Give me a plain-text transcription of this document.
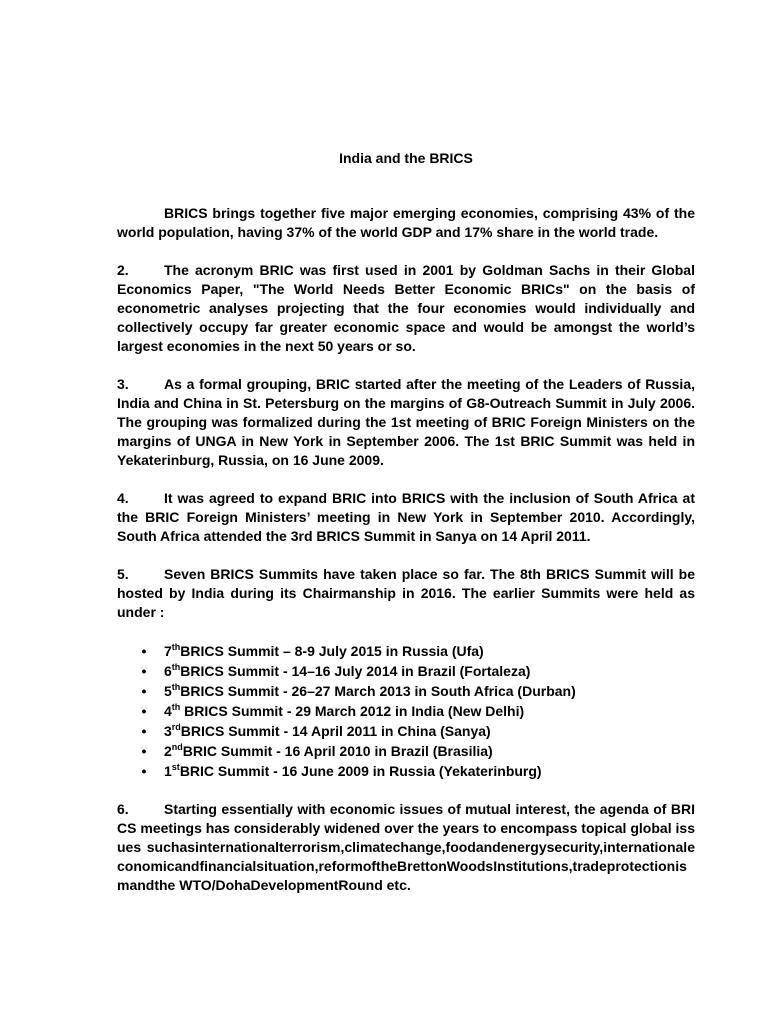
India and the BRICS

BRICS brings together five major emerging economies, comprising 43% of the world population, having 37% of the world GDP and 17% share in the world trade.

2.	The acronym BRIC was first used in 2001 by Goldman Sachs in their Global Economics Paper, "The World Needs Better Economic BRICs" on the basis of econometric analyses projecting that the four economies would individually and collectively occupy far greater economic space and would be amongst the world’s largest economies in the next 50 years or so.

3.	As a formal grouping, BRIC started after the meeting of the Leaders of Russia, India and China in St. Petersburg on the margins of G8-Outreach Summit in July 2006. The grouping was formalized during the 1st meeting of BRIC Foreign Ministers on the margins of UNGA in New York in September 2006. The 1st BRIC Summit was held in Yekaterinburg, Russia, on 16 June 2009.

4.	It was agreed to expand BRIC into BRICS with the inclusion of South Africa at the BRIC Foreign Ministers’ meeting in New York in September 2010. Accordingly, South Africa attended the 3rd BRICS Summit in Sanya on 14 April 2011.

5.	Seven BRICS Summits have taken place so far. The 8th BRICS Summit will be hosted by India during its Chairmanship in 2016. The earlier Summits were held as under :

• 7thBRICS Summit – 8-9 July 2015 in Russia (Ufa)
• 6thBRICS Summit - 14–16 July 2014 in Brazil (Fortaleza)
• 5thBRICS Summit - 26–27 March 2013 in South Africa (Durban)
• 4th BRICS Summit - 29 March 2012 in India (New Delhi)
• 3rdBRICS Summit - 14 April 2011 in China (Sanya)
• 2ndBRIC Summit - 16 April 2010 in Brazil (Brasilia)
• 1stBRIC Summit - 16 June 2009 in Russia (Yekaterinburg)

6.	Starting essentially with economic issues of mutual interest, the agenda of BRICS meetings has considerably widened over the years to encompass topical global issues suchasinternationalterrorism,climatechange,foodandenergysecurity,internationaleconomicandfinancialsituation,reformoftheBrettonWoodsInstitutions,tradeprotectionismandthe WTO/DohaDevelopmentRound etc.
